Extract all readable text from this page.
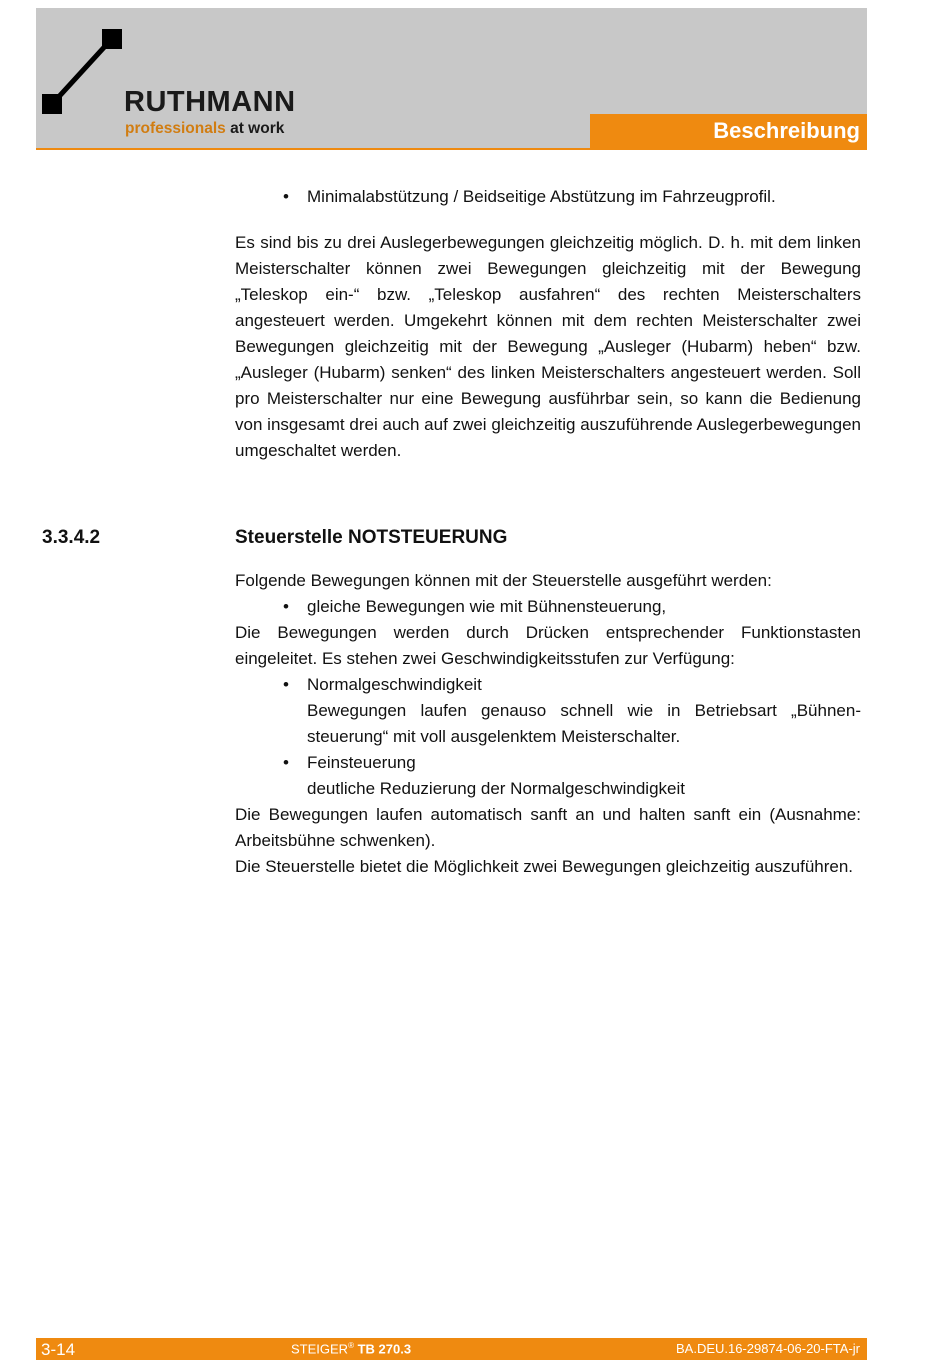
RUTHMANN
professionals at work	Beschreibung
• Minimalabstützung / Beidseitige Abstützung im Fahrzeugprofil.

Es sind bis zu drei Auslegerbewegungen gleichzeitig möglich. D. h. mit dem linken Meisterschalter können zwei Bewegungen gleichzeitig mit der Bewegung „Teleskop ein-“ bzw. „Teleskop ausfahren“ des rechten Meisterschalters angesteuert werden. Umgekehrt können mit dem rechten Meisterschalter zwei Bewegungen gleichzeitig mit der Bewegung „Ausleger (Hubarm) heben“ bzw. „Ausleger (Hubarm) senken“ des linken Meisterschalters angesteuert werden. Soll pro Meisterschalter nur eine Bewegung ausführbar sein, so kann die Bedienung von insgesamt drei auch auf zwei gleichzeitig auszuführende Auslegerbewegungen umgeschaltet werden.

3.3.4.2	Steuerstelle NOTSTEUERUNG

Folgende Bewegungen können mit der Steuerstelle ausgeführt werden:

• gleiche Bewegungen wie mit Bühnensteuerung,

Die Bewegungen werden durch Drücken entsprechender Funktionstasten eingeleitet. Es stehen zwei Geschwindigkeitsstufen zur Verfügung:

• Normalgeschwindigkeit
Bewegungen laufen genauso schnell wie in Betriebsart „Bühnensteuerung“ mit voll ausgelenktem Meisterschalter.
• Feinsteuerung
deutliche Reduzierung der Normalgeschwindigkeit

Die Bewegungen laufen automatisch sanft an und halten sanft ein (Ausnahme: Arbeitsbühne schwenken).

Die Steuerstelle bietet die Möglichkeit zwei Bewegungen gleichzeitig auszuführen.

3-14	STEIGER® TB 270.3	BA.DEU.16-29874-06-20-FTA-jr
